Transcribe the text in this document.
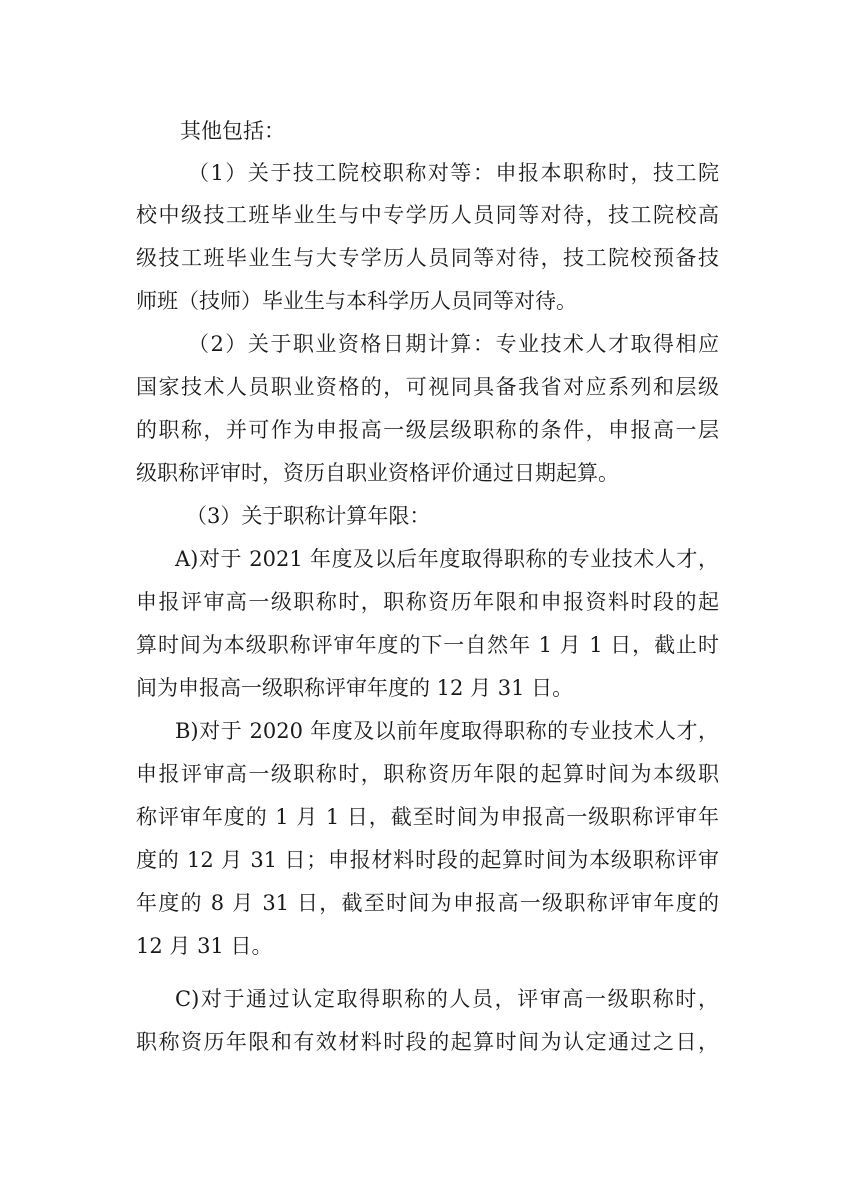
其他包括：
（1）关于技工院校职称对等：申报本职称时，技工院
校中级技工班毕业生与中专学历人员同等对待，技工院校高
级技工班毕业生与大专学历人员同等对待，技工院校预备技
师班（技师）毕业生与本科学历人员同等对待。
（2）关于职业资格日期计算：专业技术人才取得相应
国家技术人员职业资格的，可视同具备我省对应系列和层级
的职称，并可作为申报高一级层级职称的条件，申报高一层
级职称评审时，资历自职业资格评价通过日期起算。
（3）关于职称计算年限：
A)对于 2021 年度及以后年度取得职称的专业技术人才，
申报评审高一级职称时，职称资历年限和申报资料时段的起
算时间为本级职称评审年度的下一自然年 1 月 1 日，截止时
间为申报高一级职称评审年度的 12 月 31 日。
B)对于 2020 年度及以前年度取得职称的专业技术人才，
申报评审高一级职称时，职称资历年限的起算时间为本级职
称评审年度的 1 月 1 日，截至时间为申报高一级职称评审年
度的 12 月 31 日；申报材料时段的起算时间为本级职称评审
年度的 8 月 31 日，截至时间为申报高一级职称评审年度的
12 月 31 日。
C)对于通过认定取得职称的人员，评审高一级职称时，
职称资历年限和有效材料时段的起算时间为认定通过之日，
